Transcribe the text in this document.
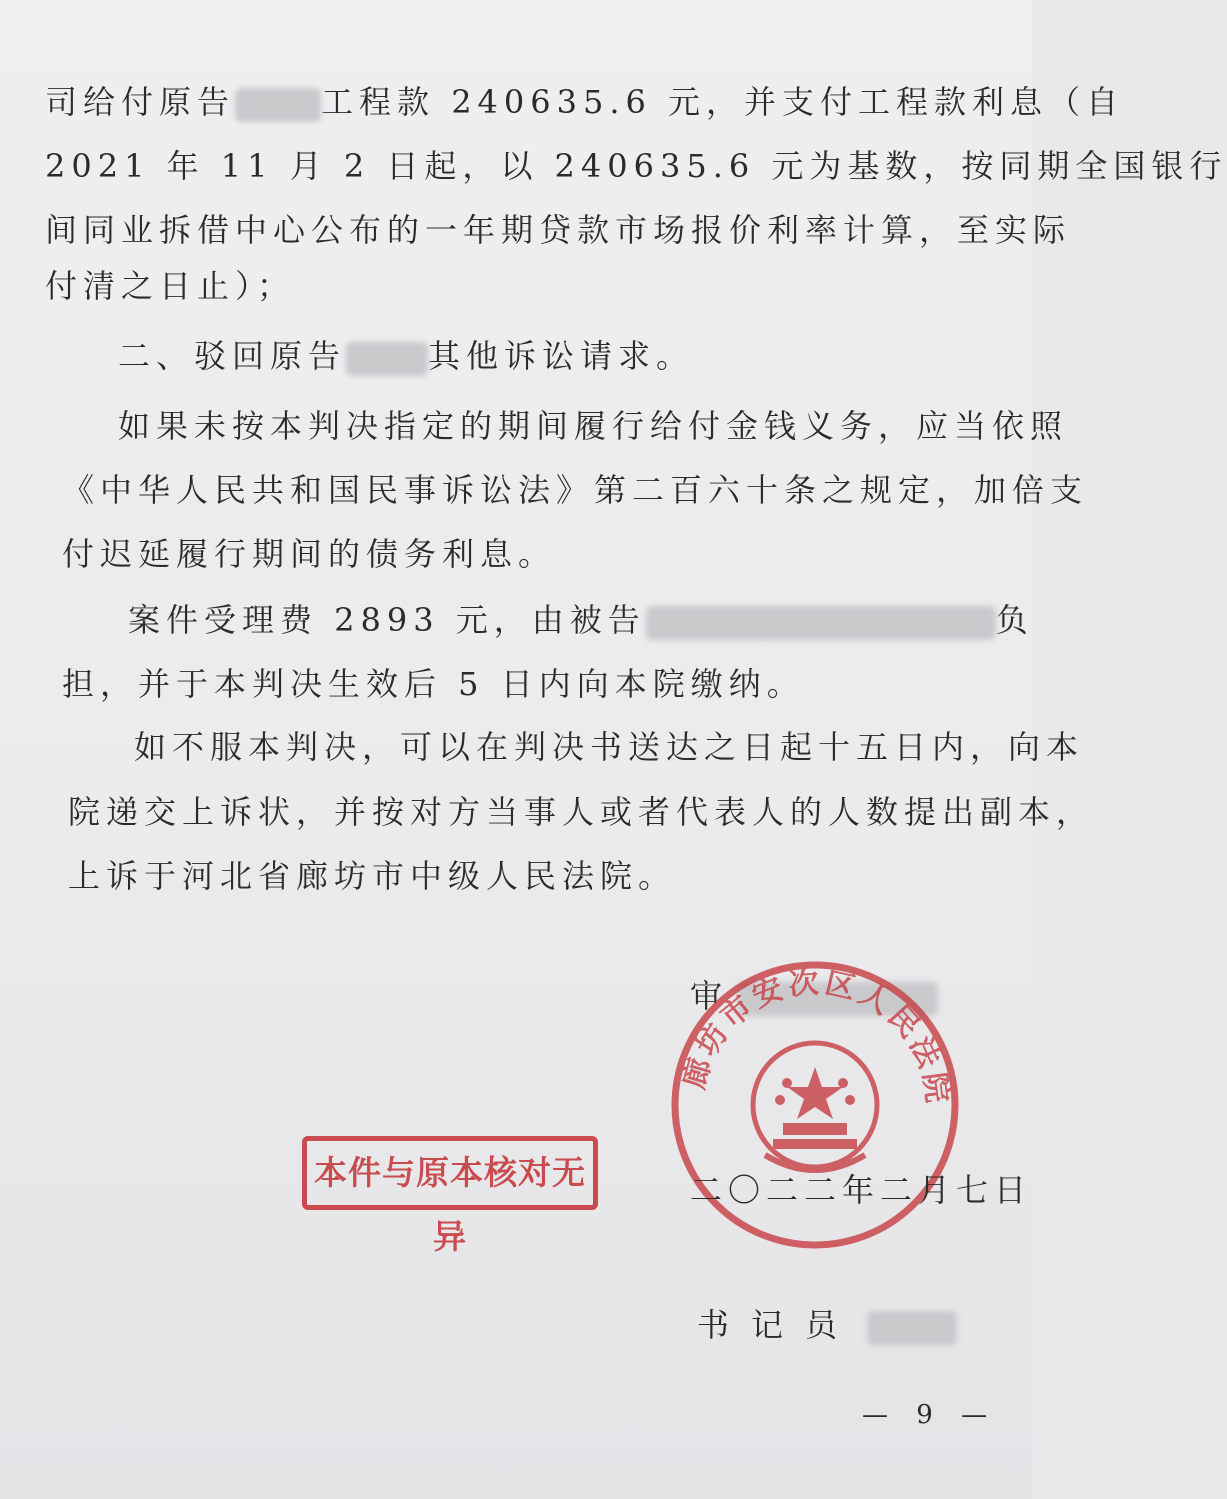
司给付原告	工程款 240635.6 元，并支付工程款利息（自
2021 年 11 月 2 日起，以 240635.6 元为基数，按同期全国银行
间同业拆借中心公布的一年期贷款市场报价利率计算，至实际
付清之日止）；
二、驳回原告	其他诉讼请求。
如果未按本判决指定的期间履行给付金钱义务，应当依照
《中华人民共和国民事诉讼法》第二百六十条之规定，加倍支
付迟延履行期间的债务利息。
案件受理费 2893 元，由被告	负
担，并于本判决生效后 5 日内向本院缴纳。
如不服本判决，可以在判决书送达之日起十五日内，向本
院递交上诉状，并按对方当事人或者代表人的人数提出副本，
上诉于河北省廊坊市中级人民法院。
审
廊坊市安次区人民法院
本件与原本核对无异
二〇二二年二月七日
书记员
— 9 —
